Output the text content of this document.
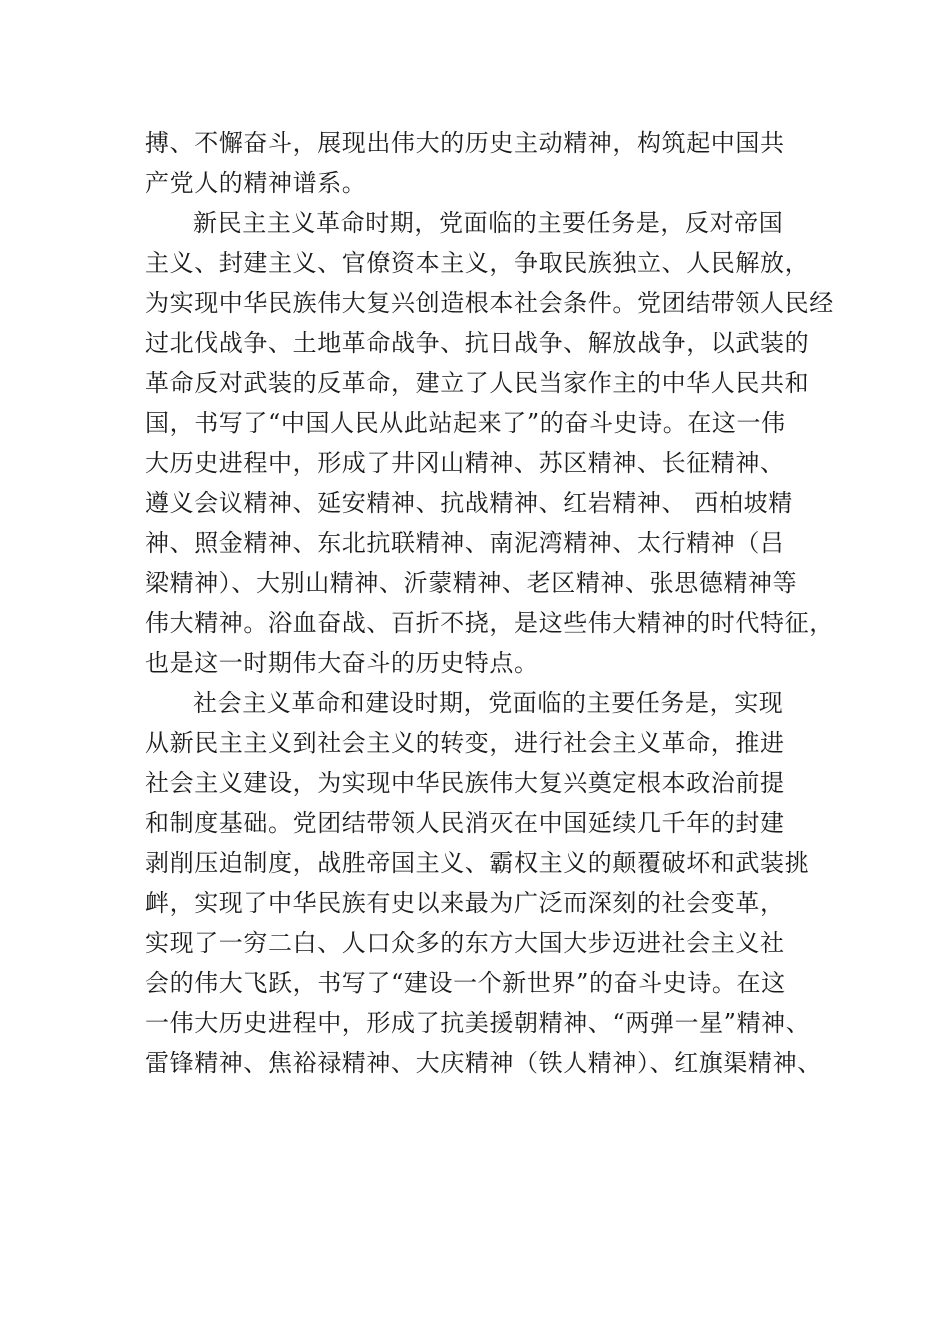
搏、不懈奋斗，展现出伟大的历史主动精神，构筑起中国共
产党人的精神谱系。
新民主主义革命时期，党面临的主要任务是，反对帝国
主义、封建主义、官僚资本主义，争取民族独立、人民解放，
为实现中华民族伟大复兴创造根本社会条件。党团结带领人民经
过北伐战争、土地革命战争、抗日战争、解放战争，以武装的
革命反对武装的反革命，建立了人民当家作主的中华人民共和
国，书写了“中国人民从此站起来了”的奋斗史诗。在这一伟
大历史进程中，形成了井冈山精神、苏区精神、长征精神、
遵义会议精神、延安精神、抗战精神、红岩精神、 西柏坡精
神、照金精神、东北抗联精神、南泥湾精神、太行精神（吕
梁精神）、大别山精神、沂蒙精神、老区精神、张思德精神等
伟大精神。浴血奋战、百折不挠，是这些伟大精神的时代特征，
也是这一时期伟大奋斗的历史特点。
社会主义革命和建设时期，党面临的主要任务是，实现
从新民主主义到社会主义的转变，进行社会主义革命，推进
社会主义建设，为实现中华民族伟大复兴奠定根本政治前提
和制度基础。党团结带领人民消灭在中国延续几千年的封建
剥削压迫制度，战胜帝国主义、霸权主义的颠覆破坏和武装挑
衅，实现了中华民族有史以来最为广泛而深刻的社会变革，
实现了一穷二白、人口众多的东方大国大步迈进社会主义社
会的伟大飞跃，书写了“建设一个新世界”的奋斗史诗。在这
一伟大历史进程中，形成了抗美援朝精神、“两弹一星”精神、
雷锋精神、焦裕禄精神、大庆精神（铁人精神）、红旗渠精神、
